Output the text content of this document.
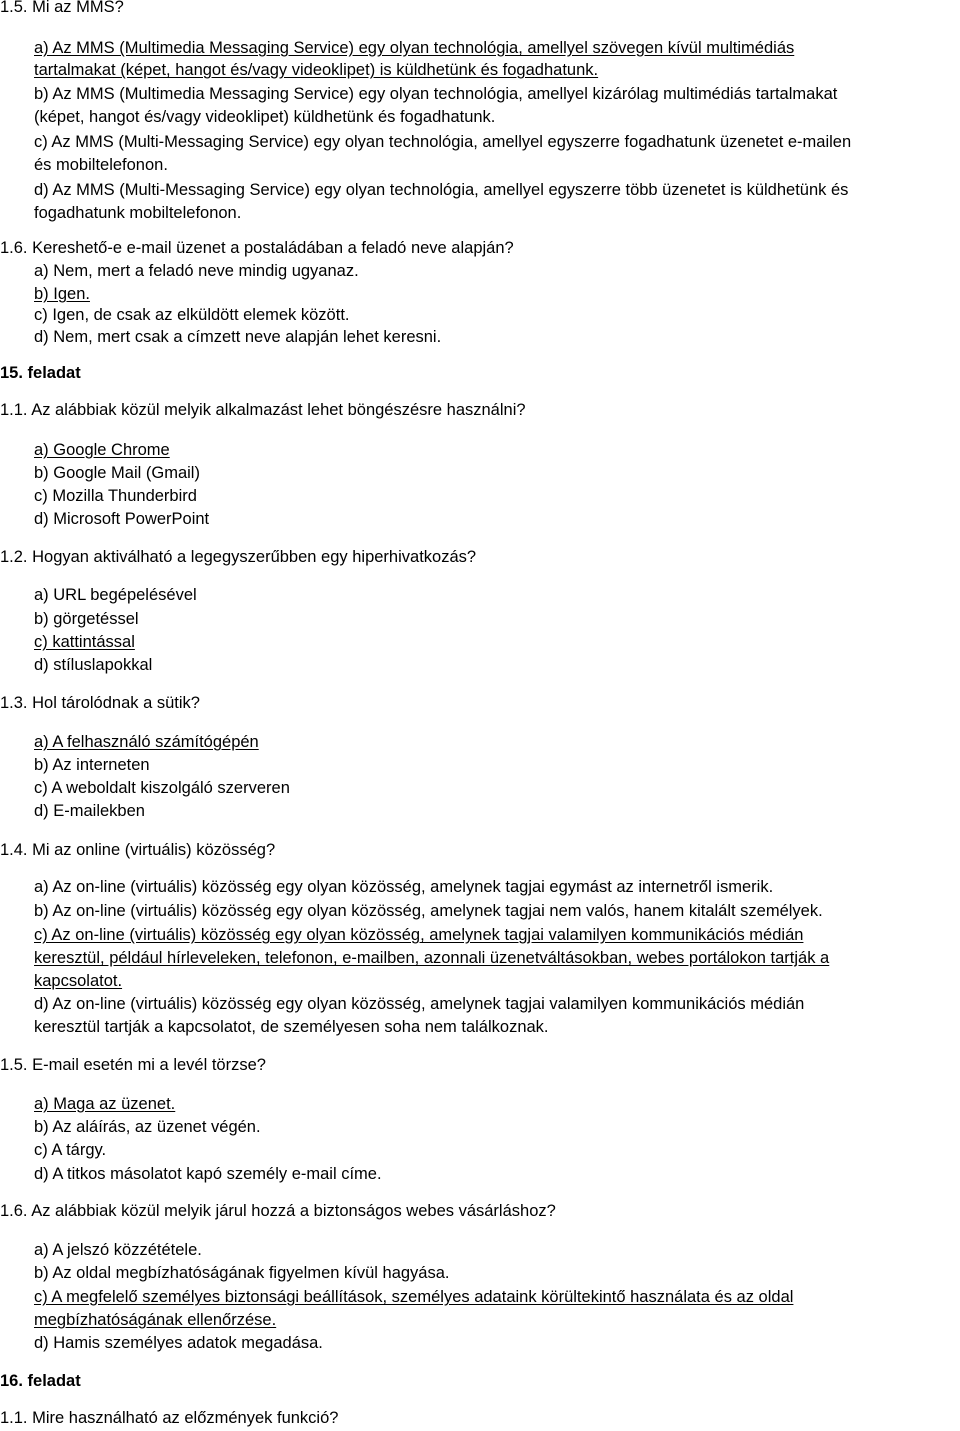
1.5. Mi az MMS?
a) Az MMS (Multimedia Messaging Service) egy olyan technológia, amellyel szövegen kívül multimédiás
tartalmakat (képet, hangot és/vagy videoklipet) is küldhetünk és fogadhatunk.
b) Az MMS (Multimedia Messaging Service) egy olyan technológia, amellyel kizárólag multimédiás tartalmakat
(képet, hangot és/vagy videoklipet) küldhetünk és fogadhatunk.
c) Az MMS (Multi-Messaging Service) egy olyan technológia, amellyel egyszerre fogadhatunk üzenetet e-mailen
és mobiltelefonon.
d) Az MMS (Multi-Messaging Service) egy olyan technológia, amellyel egyszerre több üzenetet is küldhetünk és
fogadhatunk mobiltelefonon.
1.6. Kereshető-e e-mail üzenet a postaládában a feladó neve alapján?
a) Nem, mert a feladó neve mindig ugyanaz.
b) Igen.
c) Igen, de csak az elküldött elemek között.
d) Nem, mert csak a címzett neve alapján lehet keresni.
15. feladat
1.1. Az alábbiak közül melyik alkalmazást lehet böngészésre használni?
a) Google Chrome
b) Google Mail (Gmail)
c) Mozilla Thunderbird
d) Microsoft PowerPoint
1.2. Hogyan aktiválható a legegyszerűbben egy hiperhivatkozás?
a) URL begépelésével
b) görgetéssel
c) kattintással
d) stíluslapokkal
1.3. Hol tárolódnak a sütik?
a) A felhasználó számítógépén
b) Az interneten
c) A weboldalt kiszolgáló szerveren
d) E-mailekben
1.4. Mi az online (virtuális) közösség?
a) Az on-line (virtuális) közösség egy olyan közösség, amelynek tagjai egymást az internetről ismerik.
b) Az on-line (virtuális) közösség egy olyan közösség, amelynek tagjai nem valós, hanem kitalált személyek.
c) Az on-line (virtuális) közösség egy olyan közösség, amelynek tagjai valamilyen kommunikációs médián
keresztül, például hírleveleken, telefonon, e-mailben, azonnali üzenetváltásokban, webes portálokon tartják a
kapcsolatot.
d) Az on-line (virtuális) közösség egy olyan közösség, amelynek tagjai valamilyen kommunikációs médián
keresztül tartják a kapcsolatot, de személyesen soha nem találkoznak.
1.5. E-mail esetén mi a levél törzse?
a) Maga az üzenet.
b) Az aláírás, az üzenet végén.
c) A tárgy.
d) A titkos másolatot kapó személy e-mail címe.
1.6. Az alábbiak közül melyik járul hozzá a biztonságos webes vásárláshoz?
a) A jelszó közzététele.
b) Az oldal megbízhatóságának figyelmen kívül hagyása.
c) A megfelelő személyes biztonsági beállítások, személyes adataink körültekintő használata és az oldal
megbízhatóságának ellenőrzése.
d) Hamis személyes adatok megadása.
16. feladat
1.1. Mire használható az előzmények funkció?
